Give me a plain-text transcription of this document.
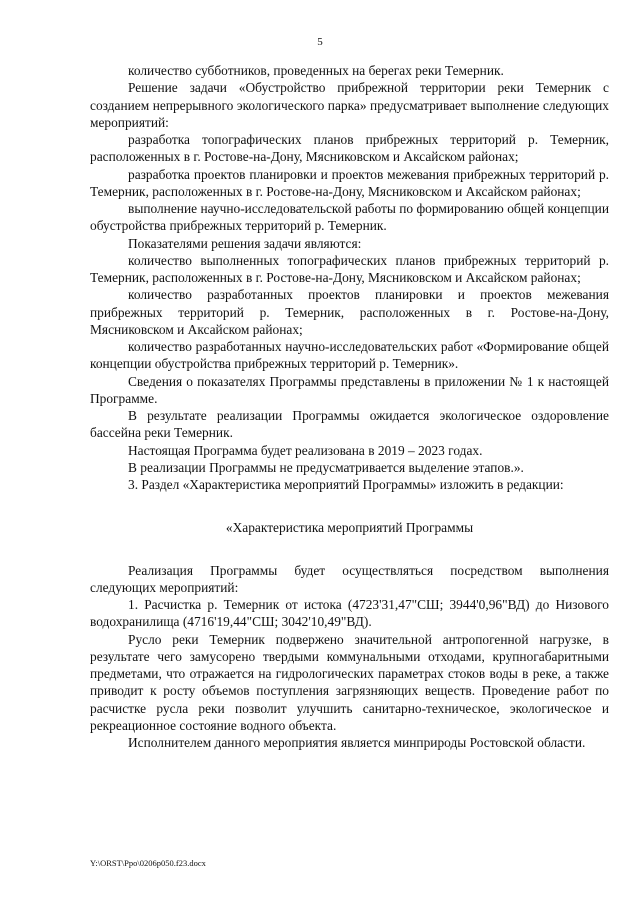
5

количество субботников, проведенных на берегах реки Темерник.

Решение задачи «Обустройство прибрежной территории реки Темерник с созданием непрерывного экологического парка» предусматривает выполнение следующих мероприятий:

разработка топографических планов прибрежных территорий р. Темерник, расположенных в г. Ростове-на-Дону, Мясниковском и Аксайском районах;

разработка проектов планировки и проектов межевания прибрежных территорий р. Темерник, расположенных в г. Ростове-на-Дону, Мясниковском и Аксайском районах;

выполнение научно-исследовательской работы по формированию общей концепции обустройства прибрежных территорий р. Темерник.

Показателями решения задачи являются:

количество выполненных топографических планов прибрежных территорий р. Темерник, расположенных в г. Ростове-на-Дону, Мясниковском и Аксайском районах;

количество разработанных проектов планировки и проектов межевания прибрежных территорий р. Темерник, расположенных в г. Ростове-на-Дону, Мясниковском и Аксайском районах;

количество разработанных научно-исследовательских работ «Формирование общей концепции обустройства прибрежных территорий р. Темерник».

Сведения о показателях Программы представлены в приложении № 1 к настоящей Программе.

В результате реализации Программы ожидается экологическое оздоровление бассейна реки Темерник.

Настоящая Программа будет реализована в 2019 – 2023 годах.

В реализации Программы не предусматривается выделение этапов.».

3. Раздел «Характеристика мероприятий Программы» изложить в редакции:

«Характеристика мероприятий Программы

Реализация Программы будет осуществляться посредством выполнения следующих мероприятий:

1. Расчистка р. Темерник от истока (4723'31,47"СШ; 3944'0,96"ВД) до Низового водохранилища (4716'19,44"СШ; 3042'10,49"ВД).

Русло реки Темерник подвержено значительной антропогенной нагрузке, в результате чего замусорено твердыми коммунальными отходами, крупногабаритными предметами, что отражается на гидрологических параметрах стоков воды в реке, а также приводит к росту объемов поступления загрязняющих веществ. Проведение работ по расчистке русла реки позволит улучшить санитарно-техническое, экологическое и рекреационное состояние водного объекта.

Исполнителем данного мероприятия является минприроды Ростовской области.

Y:\ORST\Ppo\0206p050.f23.docx
